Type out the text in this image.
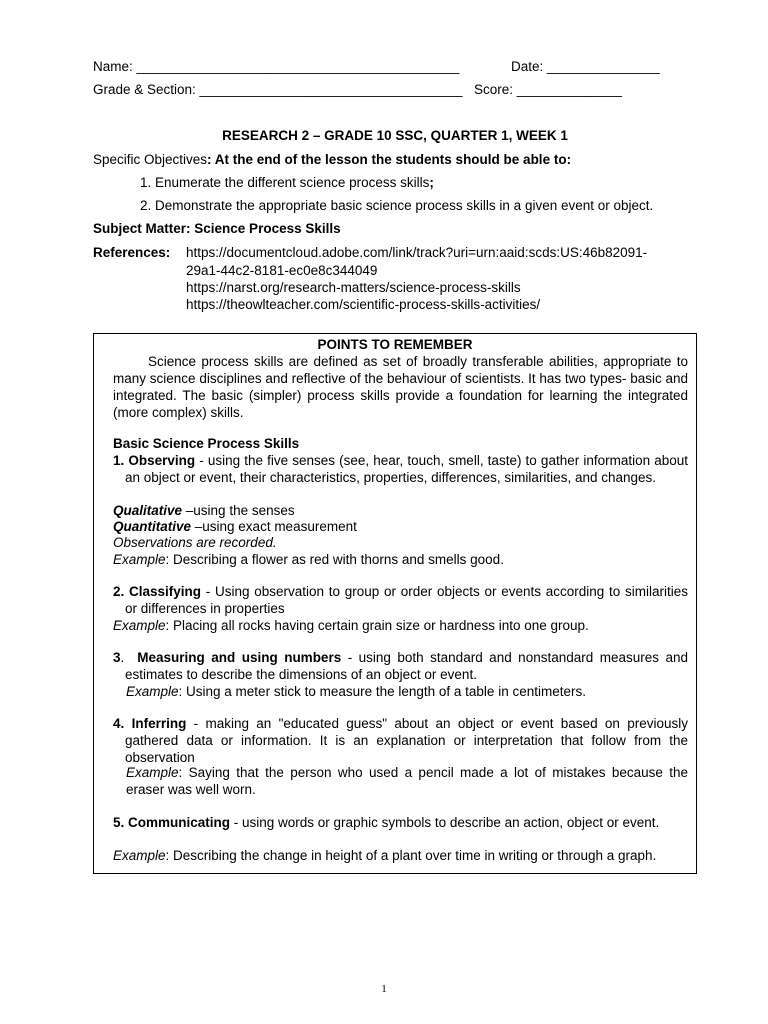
Name: ___________________________________________	Date: _______________
Grade & Section: ___________________________________ Score: ______________
RESEARCH 2 – GRADE 10 SSC, QUARTER 1, WEEK 1
Specific Objectives: At the end of the lesson the students should be able to:
1. Enumerate the different science process skills;
2. Demonstrate the appropriate basic science process skills in a given event or object.
Subject Matter: Science Process Skills
References: https://documentcloud.adobe.com/link/track?uri=urn:aaid:scds:US:46b82091-
29a1-44c2-8181-ec0e8c344049
https://narst.org/research-matters/science-process-skills
https://theowlteacher.com/scientific-process-skills-activities/
POINTS TO REMEMBER
Science process skills are defined as set of broadly transferable abilities, appropriate to many science disciplines and reflective of the behaviour of scientists. It has two types- basic and integrated. The basic (simpler) process skills provide a foundation for learning the integrated (more complex) skills.
Basic Science Process Skills
1. Observing - using the five senses (see, hear, touch, smell, taste) to gather information about an object or event, their characteristics, properties, differences, similarities, and changes.
Qualitative –using the senses
Quantitative –using exact measurement
Observations are recorded.
Example: Describing a flower as red with thorns and smells good.
2. Classifying - Using observation to group or order objects or events according to similarities or differences in properties
Example: Placing all rocks having certain grain size or hardness into one group.
3. Measuring and using numbers - using both standard and nonstandard measures and estimates to describe the dimensions of an object or event.
Example: Using a meter stick to measure the length of a table in centimeters.
4. Inferring - making an "educated guess" about an object or event based on previously gathered data or information. It is an explanation or interpretation that follow from the observation
Example: Saying that the person who used a pencil made a lot of mistakes because the eraser was well worn.
5. Communicating - using words or graphic symbols to describe an action, object or event.
Example: Describing the change in height of a plant over time in writing or through a graph.
1
